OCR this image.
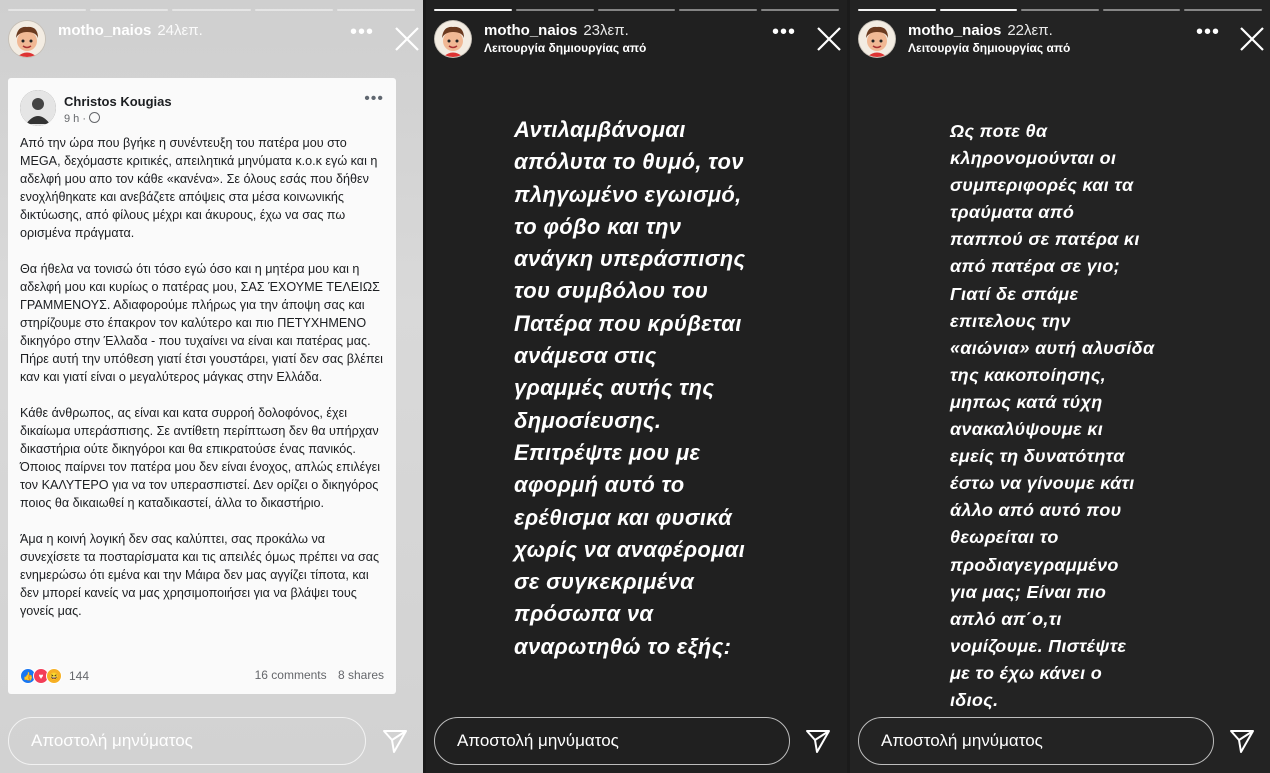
motho_naios 24λεπ.	•••
Christos Kougias
9 h ·
•••

Από την ώρα που βγήκε η συνέντευξη του πατέρα μου στο MEGA, δεχόμαστε κριτικές, απειλητικά μηνύματα κ.ο.κ εγώ και η αδελφή μου απο τον κάθε «κανένα». Σε όλους εσάς που δήθεν ενοχλήθηκατε και ανεβάζετε απόψεις στα μέσα κοινωνικής δικτύωσης, από φίλους μέχρι και άκυρους, έχω να σας πω ορισμένα πράγματα.

Θα ήθελα να τονισώ ότι τόσο εγώ όσο και η μητέρα μου και η αδελφή μου και κυρίως ο πατέρας μου, ΣΑΣ ΈΧΟΥΜΕ ΤΕΛΕΙΩΣ ΓΡΑΜΜΕΝΟΥΣ. Αδιαφορούμε πλήρως για την άποψη σας και στηρίζουμε στο έπακρον τον καλύτερο και πιο ΠΕΤΥΧΗΜΕΝΟ δικηγόρο στην Έλλαδα - που τυχαίνει να είναι και πατέρας μας. Πήρε αυτή την υπόθεση γιατί έτσι γουστάρει, γιατί δεν σας βλέπει καν και γιατί είναι ο μεγαλύτερος μάγκας στην Ελλάδα.

Κάθε άνθρωπος, ας είναι και κατα συρροή δολοφόνος, έχει δικαίωμα υπεράσπισης. Σε αντίθετη περίπτωση δεν θα υπήρχαν δικαστήρια ούτε δικηγόροι και θα επικρατούσε ένας πανικός. Όποιος παίρνει τον πατέρα μου δεν είναι ένοχος, απλώς επιλέγει τον ΚΑΛΥΤΕΡΟ για να τον υπερασπιστεί. Δεν ορίζει ο δικηγόρος ποιος θα δικαιωθεί η καταδικαστεί, άλλα το δικαστήριο.

Άμα η κοινή λογική δεν σας καλύπτει, σας προκάλω να συνεχίσετε τα ποσταρίσματα και τις απειλές όμως πρέπει να σας ενημερώσω ότι εμένα και την Μάιρα δεν μας αγγίζει τίποτα, και δεν μπορεί κανείς να μας χρησιμοποιήσει για να βλάψει τους γονείς μας.

👍 ♥ 😆 144	16 comments 8 shares
Αποστολή μηνύματος
motho_naios 23λεπ.
Λειτουργία δημιουργίας από
•••
Αντιλαμβάνομαι
απόλυτα το θυμό, τον
πληγωμένο εγωισμό,
το φόβο και την
ανάγκη υπεράσπισης
του συμβόλου του
Πατέρα που κρύβεται
ανάμεσα στις
γραμμές αυτής της
δημοσίευσης.
Επιτρέψτε μου με
αφορμή αυτό το
ερέθισμα και φυσικά
χωρίς να αναφέρομαι
σε συγκεκριμένα
πρόσωπα να
αναρωτηθώ το εξής:
Αποστολή μηνύματος
motho_naios 22λεπ.
Λειτουργία δημιουργίας από
•••
Ως ποτε θα
κληρονομούνται οι
συμπεριφορές και τα
τραύματα από
παππού σε πατέρα κι
από πατέρα σε γιο;
Γιατί δε σπάμε
επιτελους την
«αιώνια» αυτή αλυσίδα
της κακοποίησης,
μηπως κατά τύχη
ανακαλύψουμε κι
εμείς τη δυνατότητα
έστω να γίνουμε κάτι
άλλο από αυτό που
θεωρείται το
προδιαγεγραμμένο
για μας; Είναι πιο
απλό απ΄ο,τι
νομίζουμε. Πιστέψτε
με το έχω κάνει ο
ιδιος.
Αποστολή μηνύματος
